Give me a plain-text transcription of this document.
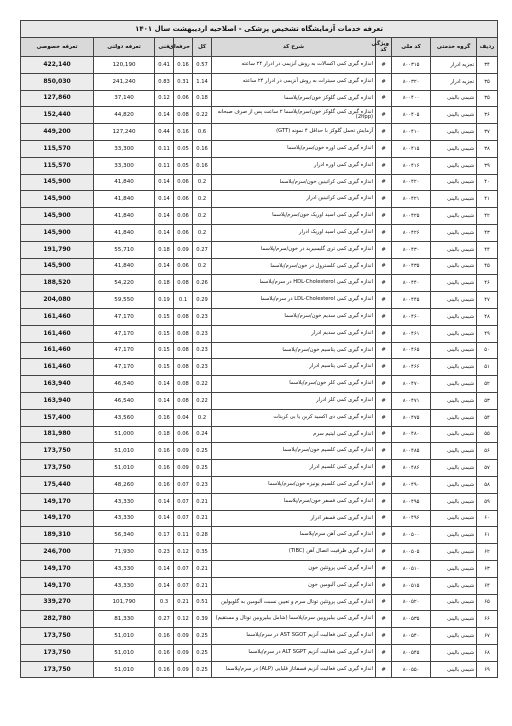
تعرفه خدمات آزمایشگاه تشخیص پزشکی - اصلاحیه اردیبهشت سال ۱۴۰۱									
ردیف	گروه خدمتی	کد ملی	ویژگی کد	شرح کد	کل	حرفه‌ای	فنی	تعرفه دولتی	تعرفه خصوصی
۳۴	تجزیه ادرار	۸۰۰۳۱۵	#	اندازه گیری کمی اکسالات به روش آنزیمی در ادرار ۲۴ ساعته	0.57	0.16	0.41	120,190	422,140
۳۵	تجزیه ادرار	۸۰۰۳۲۰	#	اندازه گیری کمی سیترات به روش آنزیمی در ادرار ۲۴ ساعته	1.14	0.31	0.83	241,240	850,030
۳۵	شیمی بالینی	۸۰۰۴۰۰	#	اندازه گیری کمی گلوکز خون/سرم/پلاسما	0.18	0.06	0.12	37,140	127,860
۳۶	شیمی بالینی	۸۰۰۴۰۵	#	اندازه گیری کمی گلوکز خون/سرم/پلاسما ۲ ساعت پس از صرف صبحانه (2hpp)	0.22	0.08	0.14	44,820	152,440
۳۷	شیمی بالینی	۸۰۰۴۱۰	#	آزمایش تحمل گلوکز با حداقل ۴ نمونه (GTT)	0.6	0.16	0.44	127,240	449,200
۳۸	شیمی بالینی	۸۰۰۴۱۵	#	اندازه گیری کمی اوره خون/سرم/پلاسما	0.16	0.05	0.11	33,300	115,570
۳۹	شیمی بالینی	۸۰۰۴۱۶	#	اندازه گیری کمی اوره ادرار	0.16	0.05	0.11	33,300	115,570
۴۰	شیمی بالینی	۸۰۰۴۲۰	#	اندازه گیری کمی کراتینین خون/سرم/پلاسما	0.2	0.06	0.14	41,840	145,900
۴۱	شیمی بالینی	۸۰۰۴۲۱	#	اندازه گیری کمی کراتینین ادرار	0.2	0.06	0.14	41,840	145,900
۴۲	شیمی بالینی	۸۰۰۴۲۵	#	اندازه گیری کمی اسید اوریک خون/سرم/پلاسما	0.2	0.06	0.14	41,840	145,900
۴۳	شیمی بالینی	۸۰۰۴۲۶	#	اندازه گیری کمی اسید اوریک ادرار	0.2	0.06	0.14	41,840	145,900
۴۴	شیمی بالینی	۸۰۰۴۳۰	#	اندازه گیری کمی تری گلیسیرید در خون/سرم/پلاسما	0.27	0.09	0.18	55,710	191,790
۴۵	شیمی بالینی	۸۰۰۴۳۵	#	اندازه گیری کمی کلسترول در خون/سرم/پلاسما	0.2	0.06	0.14	41,840	145,900
۴۶	شیمی بالینی	۸۰۰۴۴۰	#	اندازه گیری کمی HDL-Cholesterol در سرم/پلاسما	0.26	0.08	0.18	54,220	188,520
۴۷	شیمی بالینی	۸۰۰۴۴۵	#	اندازه گیری کمی LDL-Cholesterol در سرم/پلاسما	0.29	0.1	0.19	59,550	204,080
۴۸	شیمی بالینی	۸۰۰۴۶۰	#	اندازه گیری کمی سدیم خون/سرم/پلاسما	0.23	0.08	0.15	47,170	161,460
۴۹	شیمی بالینی	۸۰۰۴۶۱	#	اندازه گیری کمی سدیم ادرار	0.23	0.08	0.15	47,170	161,460
۵۰	شیمی بالینی	۸۰۰۴۶۵	#	اندازه گیری کمی پتاسیم خون/سرم/پلاسما	0.23	0.08	0.15	47,170	161,460
۵۱	شیمی بالینی	۸۰۰۴۶۶	#	اندازه گیری کمی پتاسیم ادرار	0.23	0.08	0.15	47,170	161,460
۵۲	شیمی بالینی	۸۰۰۴۷۰	#	اندازه گیری کمی کلر خون/سرم/پلاسما	0.22	0.08	0.14	46,540	163,940
۵۳	شیمی بالینی	۸۰۰۴۷۱	#	اندازه گیری کمی کلر ادرار	0.22	0.08	0.14	46,540	163,940
۵۴	شیمی بالینی	۸۰۰۴۷۵	#	اندازه گیری کمی دی اکسید کربن یا بی کربنات	0.2	0.04	0.16	43,560	157,400
۵۵	شیمی بالینی	۸۰۰۴۸۰	#	اندازه گیری کمی لیتیم سرم	0.24	0.06	0.18	51,000	181,980
۵۶	شیمی بالینی	۸۰۰۴۸۵	#	اندازه گیری کمی کلسیم خون/سرم/پلاسما	0.25	0.09	0.16	51,010	173,750
۵۷	شیمی بالینی	۸۰۰۴۸۶	#	اندازه گیری کمی کلسیم ادرار	0.25	0.09	0.16	51,010	173,750
۵۸	شیمی بالینی	۸۰۰۴۹۰	#	اندازه گیری کمی کلسیم یونیزه خون/سرم/پلاسما	0.23	0.07	0.16	48,260	175,440
۵۹	شیمی بالینی	۸۰۰۴۹۵	#	اندازه گیری کمی فسفر خون/سرم/پلاسما	0.21	0.07	0.14	43,330	149,170
۶۰	شیمی بالینی	۸۰۰۴۹۶	#	اندازه گیری کمی فسفر ادرار	0.21	0.07	0.14	43,330	149,170
۶۱	شیمی بالینی	۸۰۰۵۰۰	#	اندازه گیری کمی آهن سرم/پلاسما	0.28	0.11	0.17	56,340	189,310
۶۲	شیمی بالینی	۸۰۰۵۰۵	#	اندازه گیری ظرفیت اتصال آهن (TIBC)	0.35	0.12	0.23	71,930	246,700
۶۳	شیمی بالینی	۸۰۰۵۱۰	#	اندازه گیری کمی پروتئین خون	0.21	0.07	0.14	43,330	149,170
۶۴	شیمی بالینی	۸۰۰۵۱۵	#	اندازه گیری کمی آلبومین خون	0.21	0.07	0.14	43,330	149,170
۶۵	شیمی بالینی	۸۰۰۵۲۰	#	اندازه گیری کمی پروتئین توتال سرم و تعیین نسبت آلبومین به گلوبولین	0.51	0.21	0.3	101,790	339,270
۶۶	شیمی بالینی	۸۰۰۵۳۵	#	اندازه گیری کمی بیلیروبین سرم/پلاسما (شامل بیلیروبین توتال و مستقیم)	0.39	0.12	0.27	81,330	282,780
۶۷	شیمی بالینی	۸۰۰۵۴۰	#	اندازه گیری کمی فعالیت آنزیم AST SGOT در سرم/پلاسما	0.25	0.09	0.16	51,010	173,750
۶۸	شیمی بالینی	۸۰۰۵۴۵	#	اندازه گیری کمی فعالیت آنزیم ALT SGPT در سرم/پلاسما	0.25	0.09	0.16	51,010	173,750
۶۹	شیمی بالینی	۸۰۰۵۵۰	#	اندازه گیری کمی فعالیت آنزیم فسفاتاز قلیایی (ALP) در سرم/پلاسما	0.25	0.09	0.16	51,010	173,750
